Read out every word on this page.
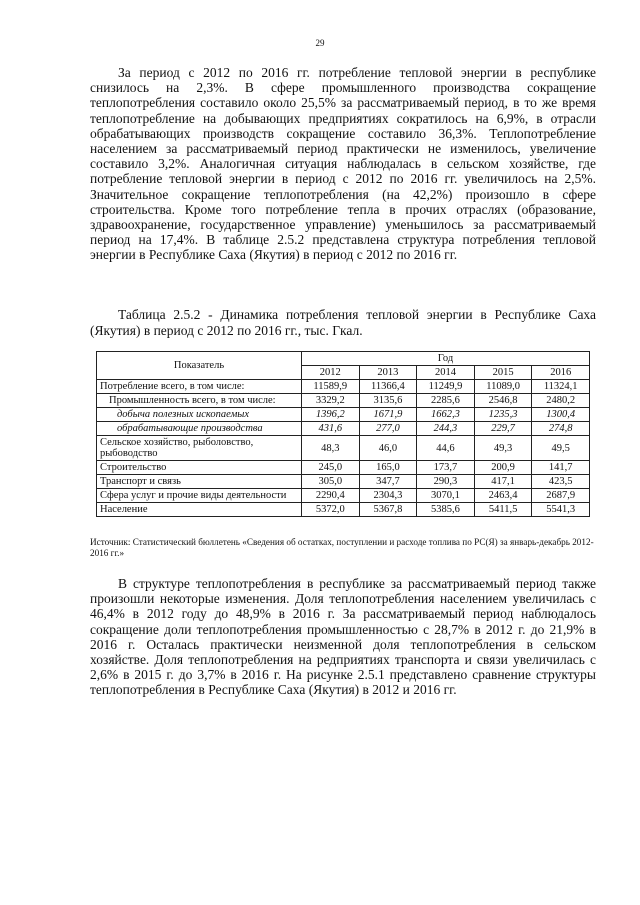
29

За период с 2012 по 2016 гг. потребление тепловой энергии в республике снизилось на 2,3%. В сфере промышленного производства сокращение теплопотребления составило около 25,5% за рассматриваемый период, в то же время теплопотребление на добывающих предприятиях сократилось на 6,9%, в отрасли обрабатывающих производств сокращение составило 36,3%. Теплопотребление населением за рассматриваемый период практически не изменилось, увеличение составило 3,2%. Аналогичная ситуация наблюдалась в сельском хозяйстве, где потребление тепловой энергии в период с 2012 по 2016 гг. увеличилось на 2,5%. Значительное сокращение теплопотребления (на 42,2%) произошло в сфере строительства. Кроме того потребление тепла в прочих отраслях (образование, здравоохранение, государственное управление) уменьшилось за рассматриваемый период на 17,4%. В таблице 2.5.2 представлена структура потребления тепловой энергии в Республике Саха (Якутия) в период с 2012 по 2016 гг.

Таблица 2.5.2 - Динамика потребления тепловой энергии в Республике Саха (Якутия) в период с 2012 по 2016 гг., тыс. Гкал.

Показатель	Год				
	2012	2013	2014	2015	2016
Потребление всего, в том числе:	11589,9	11366,4	11249,9	11089,0	11324,1
Промышленность всего, в том числе:	3329,2	3135,6	2285,6	2546,8	2480,2
добыча полезных ископаемых	1396,2	1671,9	1662,3	1235,3	1300,4
обрабатывающие производства	431,6	277,0	244,3	229,7	274,8
Сельское хозяйство, рыболовство, рыбоводство	48,3	46,0	44,6	49,3	49,5
Строительство	245,0	165,0	173,7	200,9	141,7
Транспорт и связь	305,0	347,7	290,3	417,1	423,5
Сфера услуг и прочие виды деятельности	2290,4	2304,3	3070,1	2463,4	2687,9
Население	5372,0	5367,8	5385,6	5411,5	5541,3

Источник: Статистический бюллетень «Сведения об остатках, поступлении и расходе топлива по РС(Я) за январь-декабрь 2012-2016 гг.»

В структуре теплопотребления в республике за рассматриваемый период также произошли некоторые изменения. Доля теплопотребления населением увеличилась с 46,4% в 2012 году до 48,9% в 2016 г. За рассматриваемый период наблюдалось сокращение доли теплопотребления промышленностью с 28,7% в 2012 г. до 21,9% в 2016 г. Осталась практически неизменной доля теплопотребления в сельском хозяйстве. Доля теплопотребления на редприятиях транспорта и связи увеличилась с 2,6% в 2015 г. до 3,7% в 2016 г. На рисунке 2.5.1 представлено сравнение структуры теплопотребления в Республике Саха (Якутия) в 2012 и 2016 гг.
